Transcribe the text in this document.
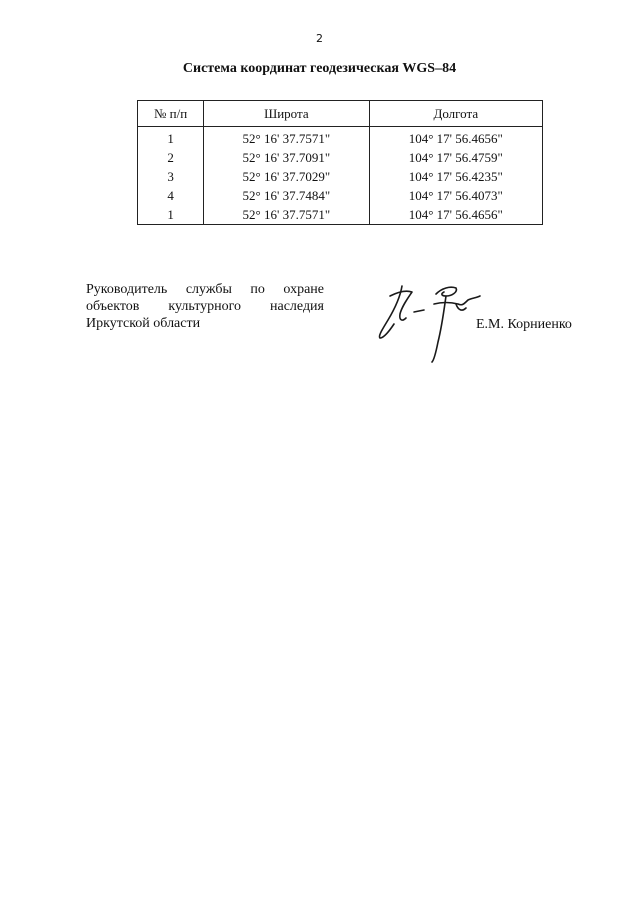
2
Система координат геодезическая WGS–84
№ п/п	Широта	Долгота
1	52° 16' 37.7571"	104° 17' 56.4656"
2	52° 16' 37.7091"	104° 17' 56.4759"
3	52° 16' 37.7029"	104° 17' 56.4235"
4	52° 16' 37.7484"	104° 17' 56.4073"
1	52° 16' 37.7571"	104° 17' 56.4656"
Руководитель службы по охране
объектов культурного наследия
Иркутской области	Е.М. Корниенко
